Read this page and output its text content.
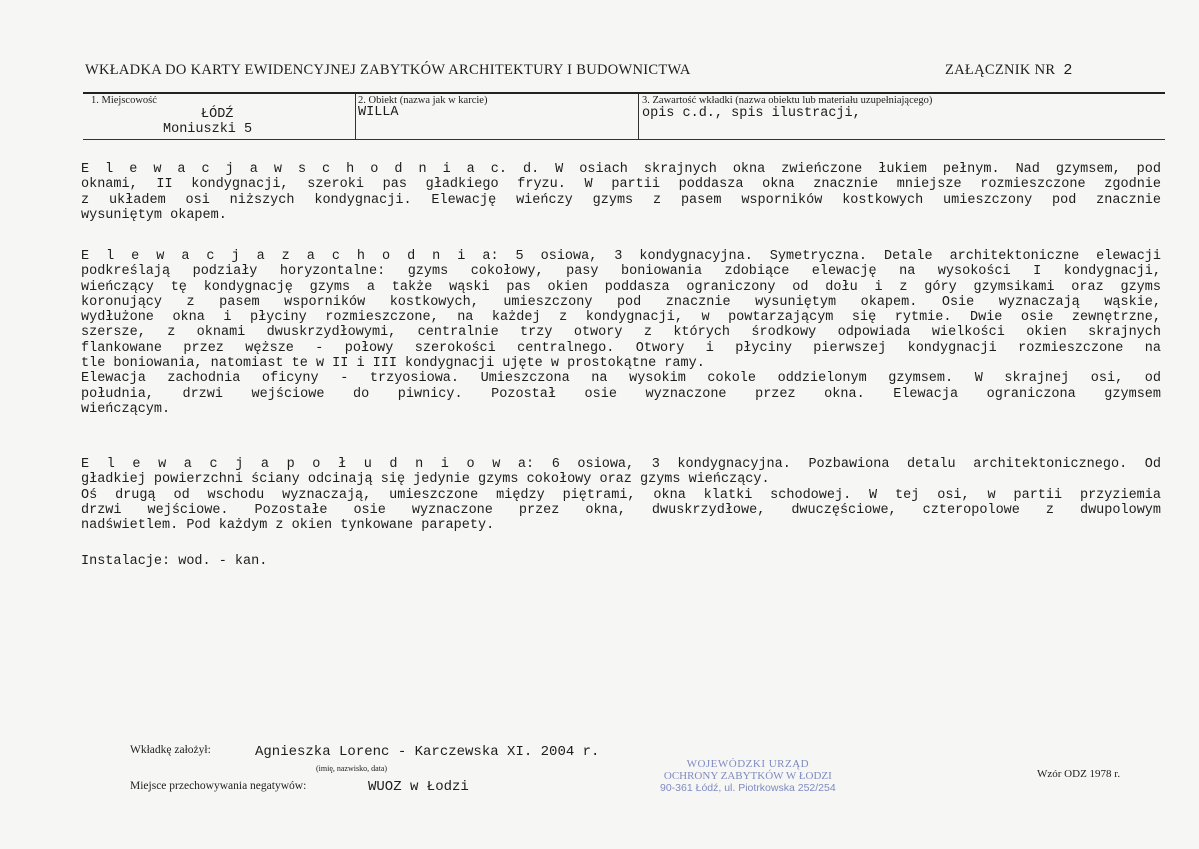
WKŁADKA DO KARTY EWIDENCYJNEJ ZABYTKÓW ARCHITEKTURY I BUDOWNICTWA	ZAŁĄCZNIK NR 2
1. Miejscowość
ŁÓDŹ
Moniuszki 5
2. Obiekt (nazwa jak w karcie)
WILLA
3. Zawartość wkładki (nazwa obiektu lub materiału uzupełniającego)
opis c.d., spis ilustracji,
E l e w a c j a w s c h o d n i a c. d. W osiach skrajnych okna zwieńczone łukiem pełnym. Nad gzymsem, pod
oknami, II kondygnacji, szeroki pas gładkiego fryzu. W partii poddasza okna znacznie mniejsze rozmieszczone zgodnie
z układem osi niższych kondygnacji. Elewację wieńczy gzyms z pasem wsporników kostkowych umieszczony pod znacznie
wysuniętym okapem.
E l e w a c j a z a c h o d n i a: 5 osiowa, 3 kondygnacyjna. Symetryczna. Detale architektoniczne elewacji
podkreślają podziały horyzontalne: gzyms cokołowy, pasy boniowania zdobiące elewację na wysokości I kondygnacji,
wieńczący tę kondygnację gzyms a także wąski pas okien poddasza ograniczony od dołu i z góry gzymsikami oraz gzyms
koronujący z pasem wsporników kostkowych, umieszczony pod znacznie wysuniętym okapem. Osie wyznaczają wąskie,
wydłużone okna i płyciny rozmieszczone, na każdej z kondygnacji, w powtarzającym się rytmie. Dwie osie zewnętrzne,
szersze, z oknami dwuskrzydłowymi, centralnie trzy otwory z których środkowy odpowiada wielkości okien skrajnych
flankowane przez węższe - połowy szerokości centralnego. Otwory i płyciny pierwszej kondygnacji rozmieszczone na
tle boniowania, natomiast te w II i III kondygnacji ujęte w prostokątne ramy.
Elewacja zachodnia oficyny - trzyosiowa. Umieszczona na wysokim cokole oddzielonym gzymsem. W skrajnej osi, od
południa, drzwi wejściowe do piwnicy. Pozostał osie wyznaczone przez okna. Elewacja ograniczona gzymsem
wieńczącym.
E l e w a c j a p o ł u d n i o w a: 6 osiowa, 3 kondygnacyjna. Pozbawiona detalu architektonicznego. Od
gładkiej powierzchni ściany odcinają się jedynie gzyms cokołowy oraz gzyms wieńczący.
Oś drugą od wschodu wyznaczają, umieszczone między piętrami, okna klatki schodowej. W tej osi, w partii przyziemia
drzwi wejściowe. Pozostałe osie wyznaczone przez okna, dwuskrzydłowe, dwuczęściowe, czteropolowe z dwupolowym
nadświetlem. Pod każdym z okien tynkowane parapety.
Instalacje: wod. - kan.
Wkładkę założył:	Agnieszka Lorenc - Karczewska XI. 2004 r.
(imię, nazwisko, data)
Miejsce przechowywania negatywów:	WUOZ w Łodzi
WOJEWÓDZKI URZĄD
OCHRONY ZABYTKÓW W ŁODZI
90-361 Łódź, ul. Piotrkowska 252/254
Wzór ODZ 1978 r.
